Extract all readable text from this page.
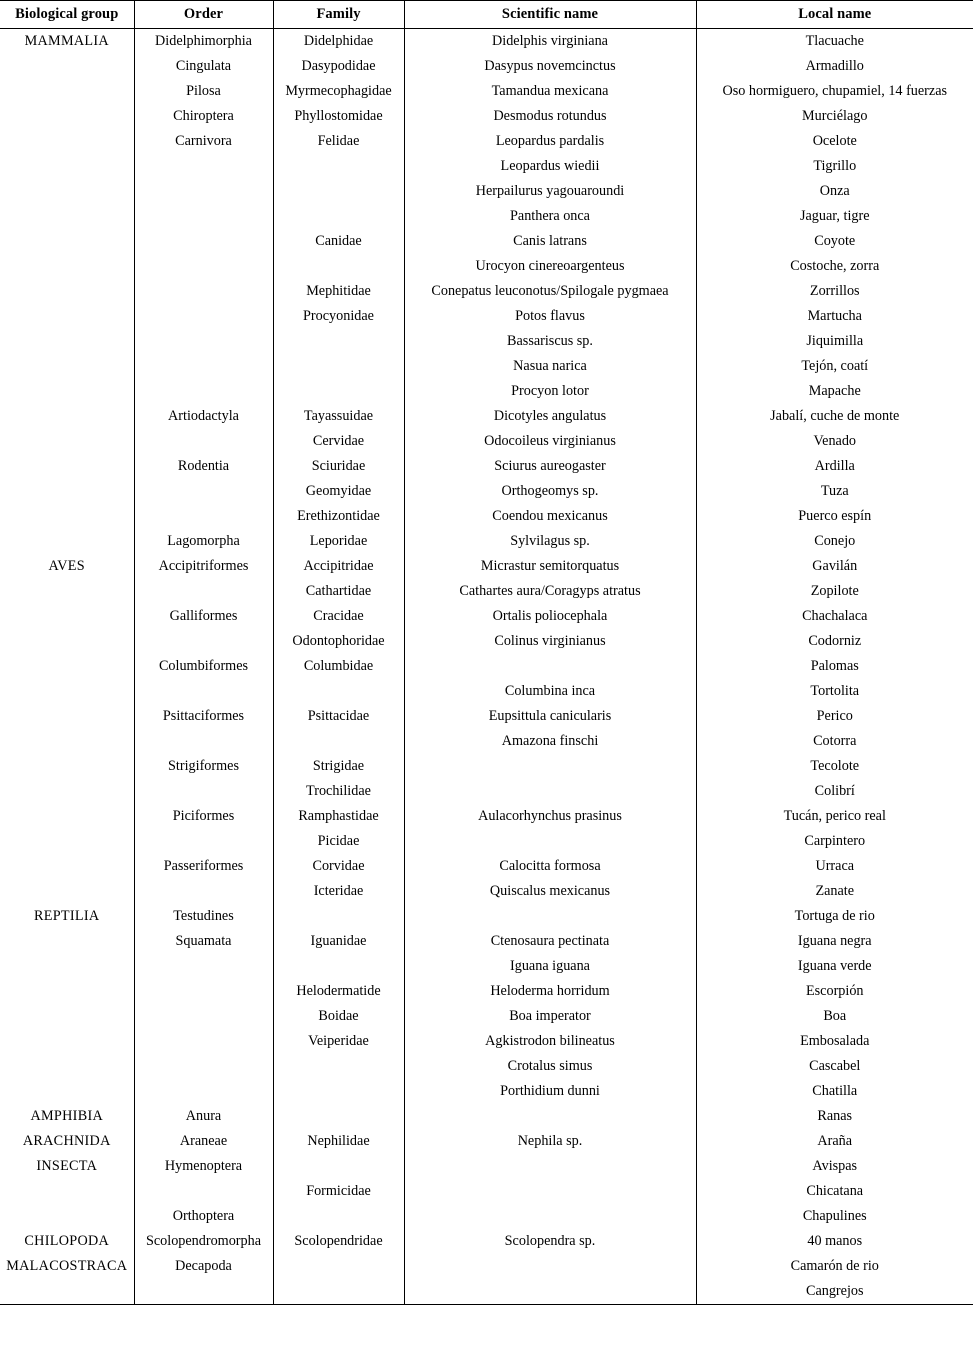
Biological group	Order	Family	Scientific name	Local name
MAMMALIA	Didelphimorphia	Didelphidae	Didelphis virginiana	Tlacuache
	Cingulata	Dasypodidae	Dasypus novemcinctus	Armadillo
	Pilosa	Myrmecophagidae	Tamandua mexicana	Oso hormiguero, chupamiel, 14 fuerzas
	Chiroptera	Phyllostomidae	Desmodus rotundus	Murciélago
	Carnivora	Felidae	Leopardus pardalis	Ocelote
			Leopardus wiedii	Tigrillo
			Herpailurus yagouaroundi	Onza
			Panthera onca	Jaguar, tigre
		Canidae	Canis latrans	Coyote
			Urocyon cinereoargenteus	Costoche, zorra
		Mephitidae	Conepatus leuconotus/Spilogale pygmaea	Zorrillos
		Procyonidae	Potos flavus	Martucha
			Bassariscus sp.	Jiquimilla
			Nasua narica	Tejón, coatí
			Procyon lotor	Mapache
	Artiodactyla	Tayassuidae	Dicotyles angulatus	Jabalí, cuche de monte
		Cervidae	Odocoileus virginianus	Venado
	Rodentia	Sciuridae	Sciurus aureogaster	Ardilla
		Geomyidae	Orthogeomys sp.	Tuza
		Erethizontidae	Coendou mexicanus	Puerco espín
	Lagomorpha	Leporidae	Sylvilagus sp.	Conejo
AVES	Accipitriformes	Accipitridae	Micrastur semitorquatus	Gavilán
		Cathartidae	Cathartes aura/Coragyps atratus	Zopilote
	Galliformes	Cracidae	Ortalis poliocephala	Chachalaca
		Odontophoridae	Colinus virginianus	Codorniz
	Columbiformes	Columbidae		Palomas
			Columbina inca	Tortolita
	Psittaciformes	Psittacidae	Eupsittula canicularis	Perico
			Amazona finschi	Cotorra
	Strigiformes	Strigidae		Tecolote
		Trochilidae		Colibrí
	Piciformes	Ramphastidae	Aulacorhynchus prasinus	Tucán, perico real
		Picidae		Carpintero
	Passeriformes	Corvidae	Calocitta formosa	Urraca
		Icteridae	Quiscalus mexicanus	Zanate
REPTILIA	Testudines			Tortuga de rio
	Squamata	Iguanidae	Ctenosaura pectinata	Iguana negra
			Iguana iguana	Iguana verde
		Helodermatide	Heloderma horridum	Escorpión
		Boidae	Boa imperator	Boa
		Veiperidae	Agkistrodon bilineatus	Embosalada
			Crotalus simus	Cascabel
			Porthidium dunni	Chatilla
AMPHIBIA	Anura			Ranas
ARACHNIDA	Araneae	Nephilidae	Nephila sp.	Araña
INSECTA	Hymenoptera			Avispas
		Formicidae		Chicatana
	Orthoptera			Chapulines
CHILOPODA	Scolopendromorpha	Scolopendridae	Scolopendra sp.	40 manos
MALACOSTRACA	Decapoda			Camarón de rio
				Cangrejos
